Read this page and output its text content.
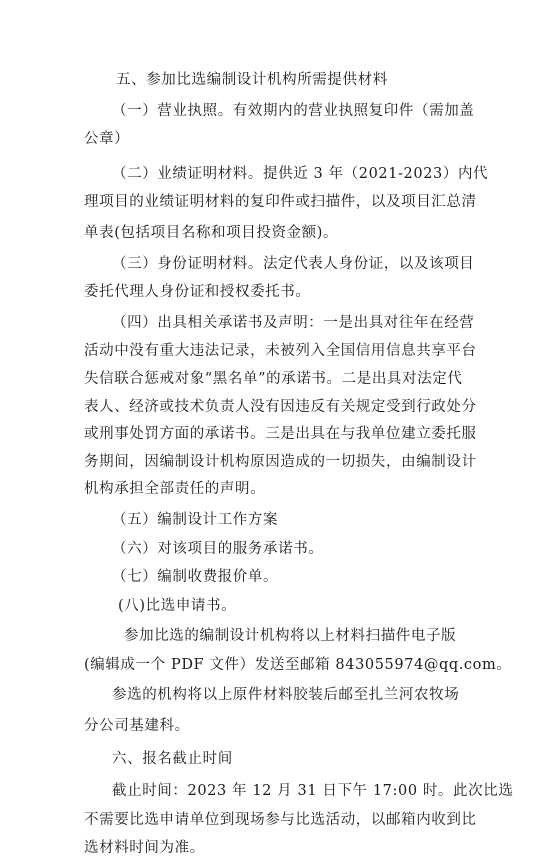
五、参加比选编制设计机构所需提供材料
（一）营业执照。有效期内的营业执照复印件（需加盖
公章）
（二）业绩证明材料。提供近 3 年（2021-2023）内代
理项目的业绩证明材料的复印件或扫描件，以及项目汇总清
单表(包括项目名称和项目投资金额)。
（三）身份证明材料。法定代表人身份证，以及该项目
委托代理人身份证和授权委托书。
（四）出具相关承诺书及声明：一是出具对往年在经营
活动中没有重大违法记录，未被列入全国信用信息共享平台
失信联合惩戒对象“黑名单”的承诺书。二是出具对法定代
表人、经济或技术负责人没有因违反有关规定受到行政处分
或刑事处罚方面的承诺书。三是出具在与我单位建立委托服
务期间，因编制设计机构原因造成的一切损失，由编制设计
机构承担全部责任的声明。
（五）编制设计工作方案
（六）对该项目的服务承诺书。
（七）编制收费报价单。
(八)比选申请书。
参加比选的编制设计机构将以上材料扫描件电子版
(编辑成一个 PDF 文件）发送至邮箱 843055974@qq.com。
参选的机构将以上原件材料胶装后邮至扎兰河农牧场
分公司基建科。
六、报名截止时间
截止时间：2023 年 12 月 31 日下午 17:00 时。此次比选
不需要比选申请单位到现场参与比选活动，以邮箱内收到比
选材料时间为准。
